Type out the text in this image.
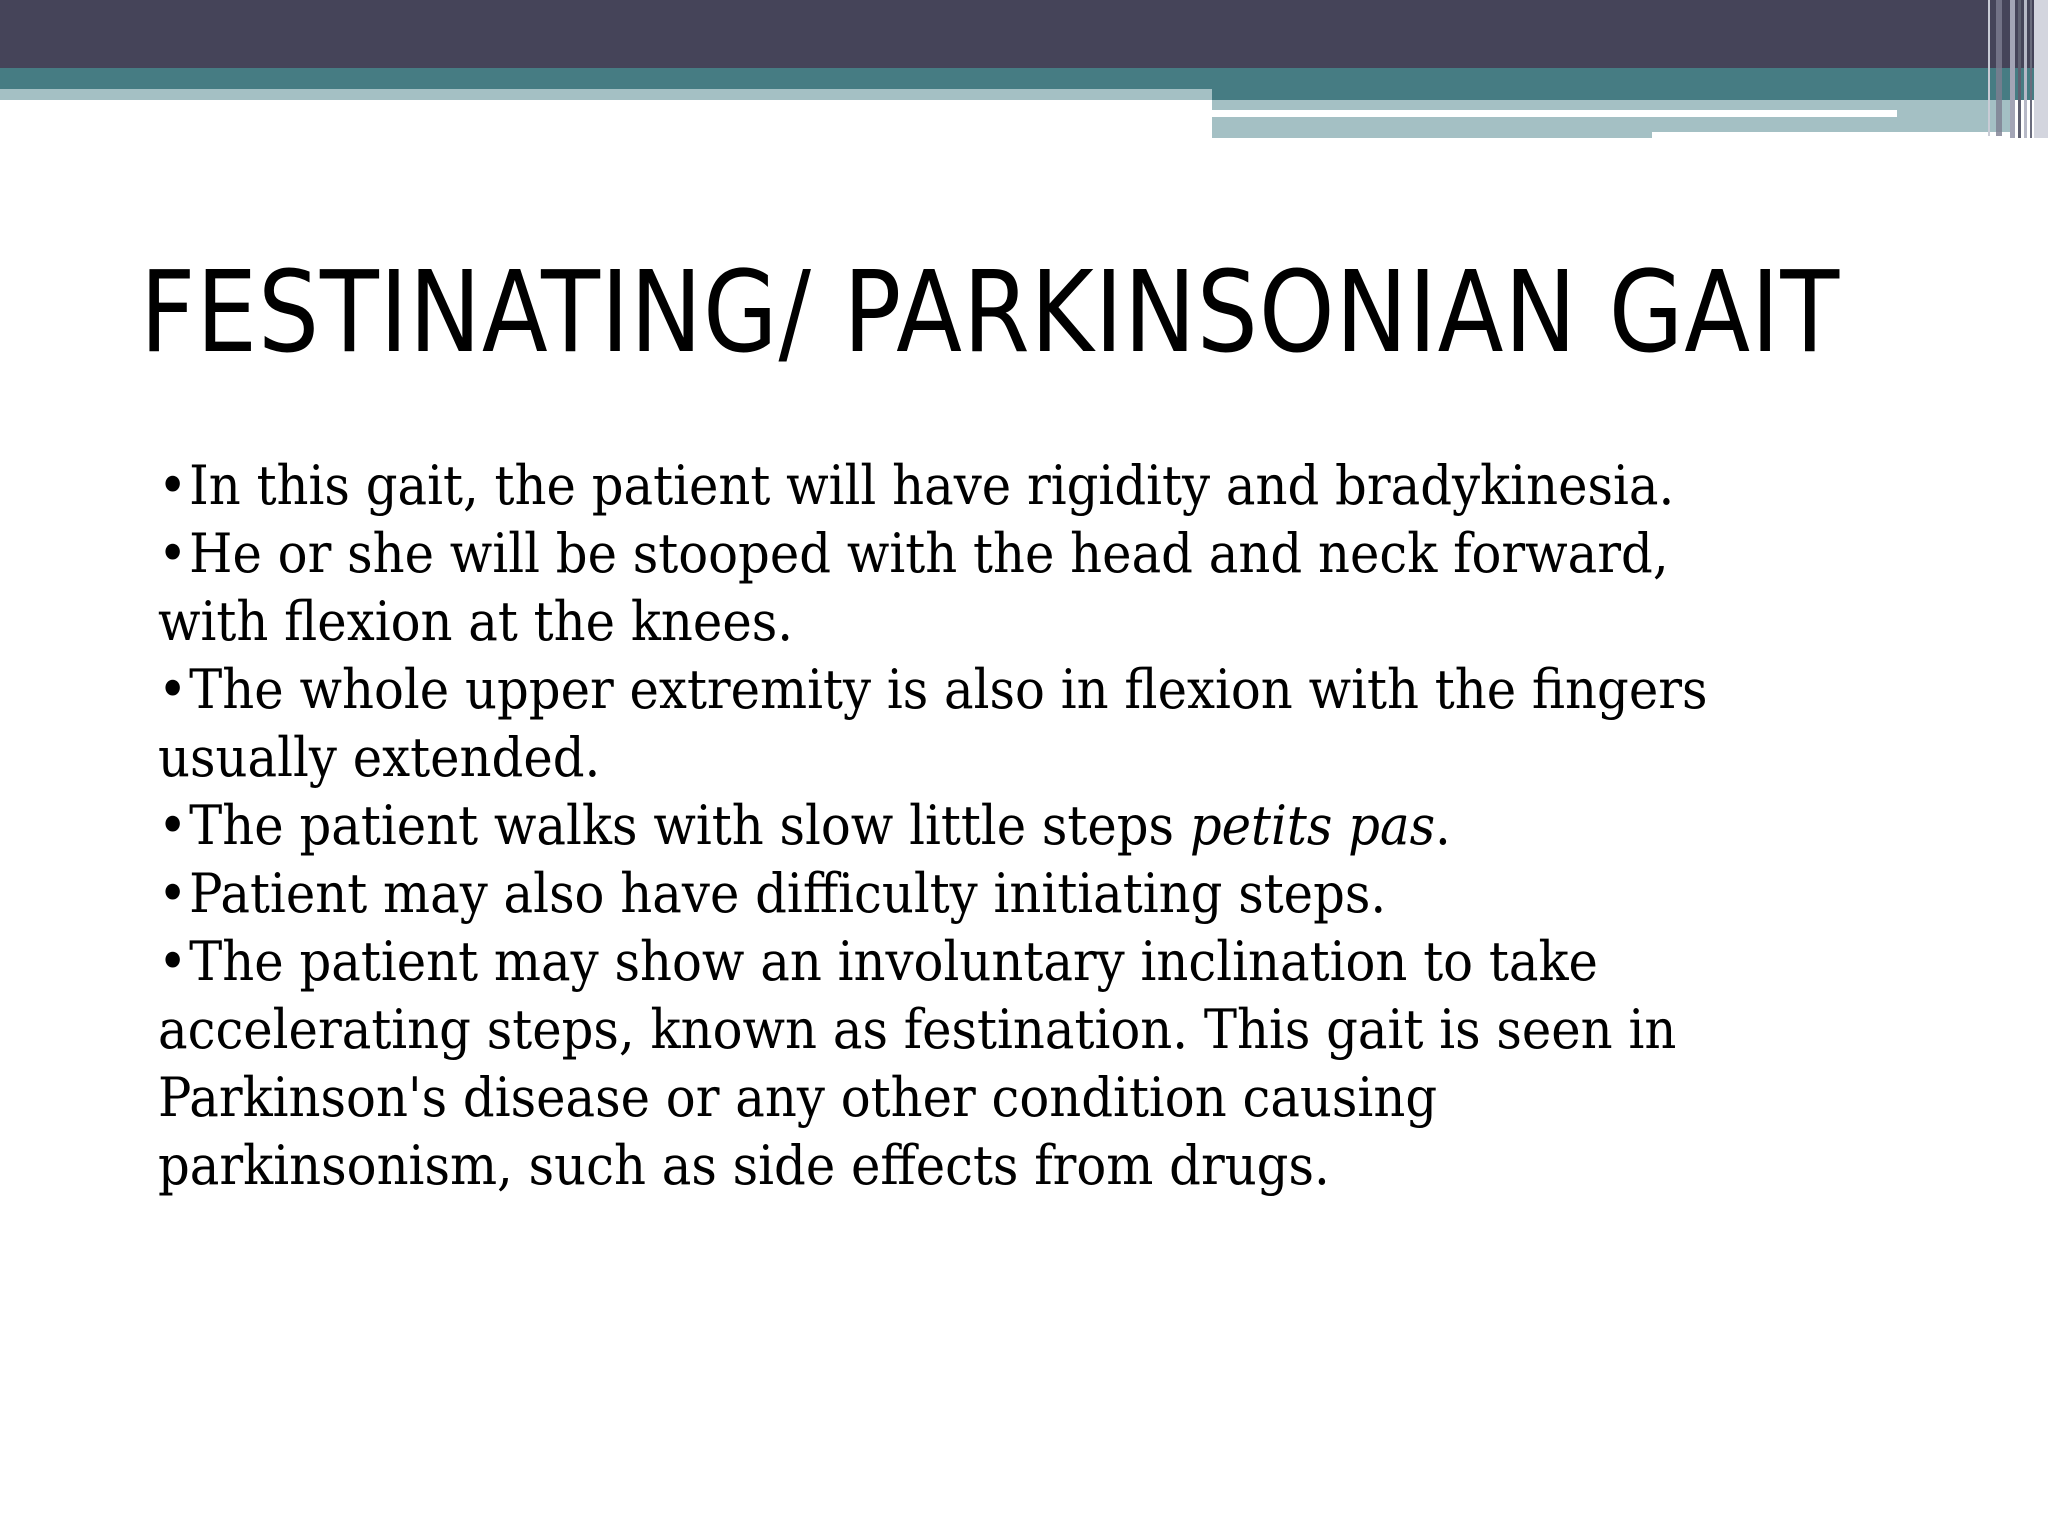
FESTINATING/ PARKINSONIAN GAIT

•In this gait, the patient will have rigidity and bradykinesia.

•He or she will be stooped with the head and neck forward, with flexion at the knees.

•The whole upper extremity is also in flexion with the fingers usually extended.

•The patient walks with slow little steps petits pas.

•Patient may also have difficulty initiating steps.

•The patient may show an involuntary inclination to take accelerating steps, known as festination. This gait is seen in Parkinson's disease or any other condition causing parkinsonism, such as side effects from drugs.
